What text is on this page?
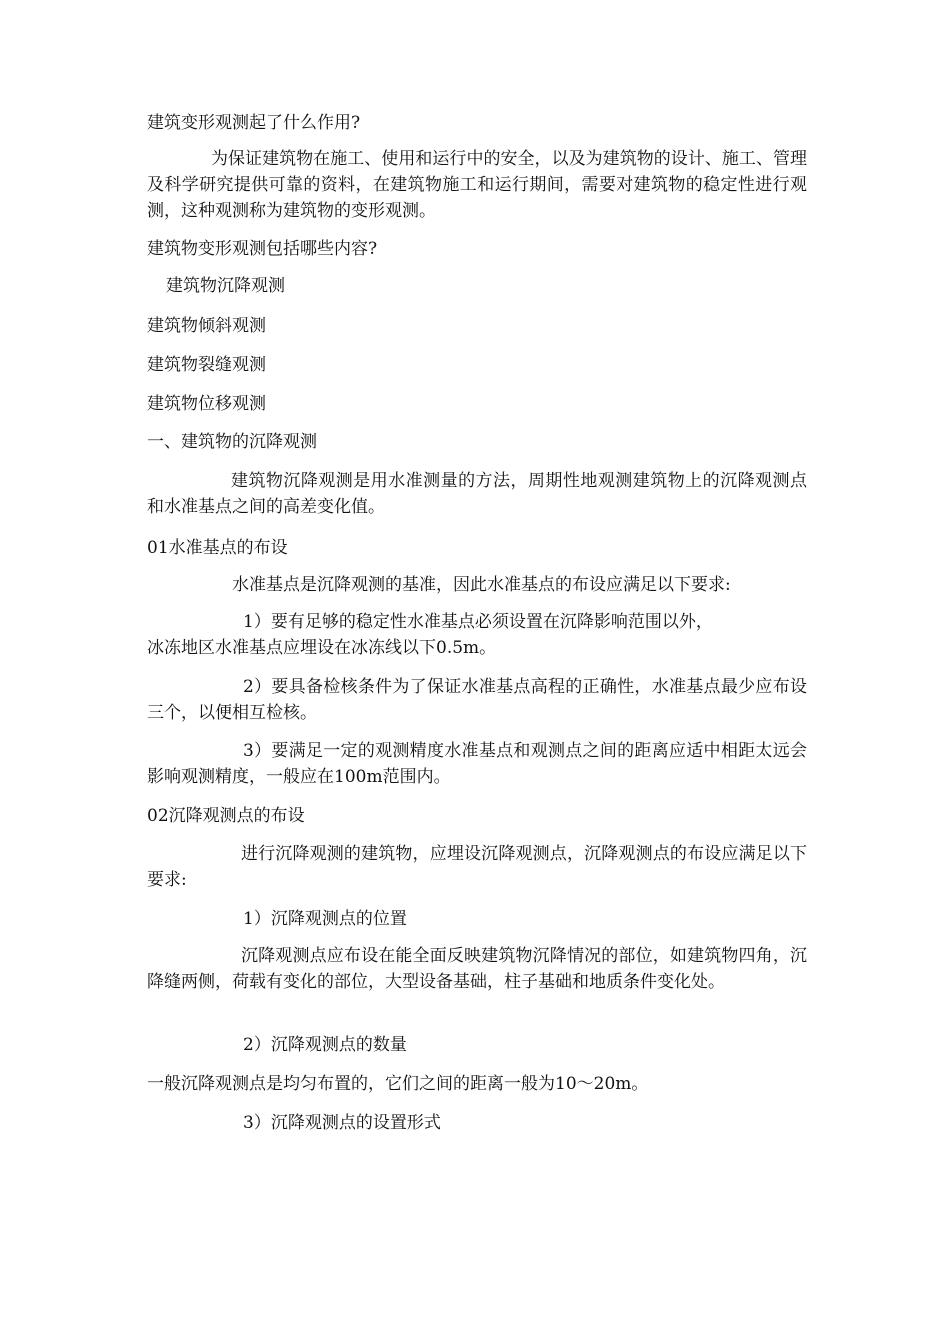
建筑变形观测起了什么作用?
为保证建筑物在施工、使用和运行中的安全，以及为建筑物的设计、施工、管理及科学研究提供可靠的资料，在建筑物施工和运行期间，需要对建筑物的稳定性进行观测，这种观测称为建筑物的变形观测。
建筑物变形观测包括哪些内容?
建筑物沉降观测
建筑物倾斜观测
建筑物裂缝观测
建筑物位移观测
一、建筑物的沉降观测
建筑物沉降观测是用水准测量的方法，周期性地观测建筑物上的沉降观测点和水准基点之间的高差变化值。
01水准基点的布设
水准基点是沉降观测的基准，因此水准基点的布设应满足以下要求:
1）要有足够的稳定性水准基点必须设置在沉降影响范围以外，
冰冻地区水准基点应埋设在冰冻线以下0.5m。
2）要具备检核条件为了保证水准基点高程的正确性，水准基点最少应布设三个，以便相互检核。
3）要满足一定的观测精度水准基点和观测点之间的距离应适中相距太远会影响观测精度，一般应在100m范围内。
02沉降观测点的布设
进行沉降观测的建筑物，应埋设沉降观测点，沉降观测点的布设应满足以下要求:
1）沉降观测点的位置
沉降观测点应布设在能全面反映建筑物沉降情况的部位，如建筑物四角，沉降缝两侧，荷载有变化的部位，大型设备基础，柱子基础和地质条件变化处。
2）沉降观测点的数量
一般沉降观测点是均匀布置的，它们之间的距离一般为10～20m。
3）沉降观测点的设置形式
